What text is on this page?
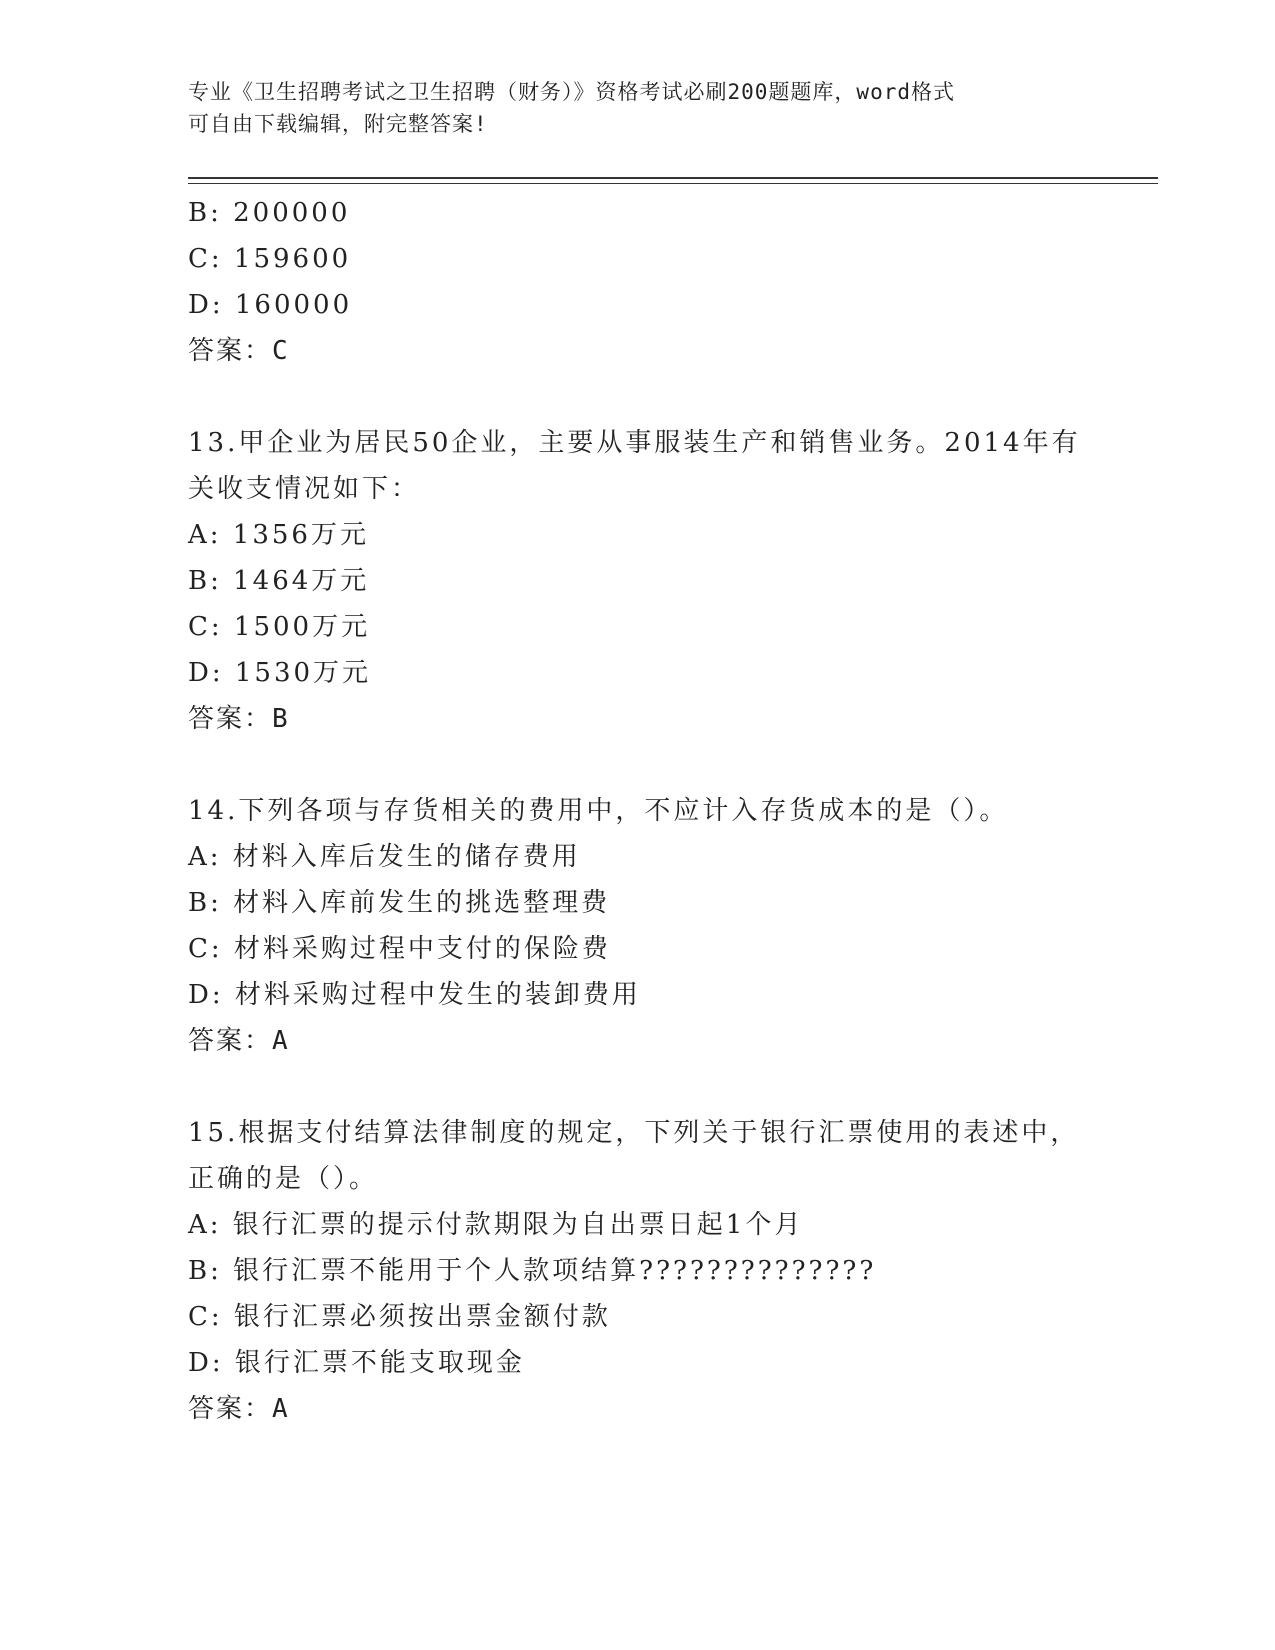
专业《卫生招聘考试之卫生招聘（财务）》资格考试必刷200题题库，word格式
可自由下载编辑，附完整答案!
B: 200000
C: 159600
D: 160000
答案：C
13.甲企业为居民50企业，主要从事服装生产和销售业务。2014年有
关收支情况如下：
A: 1356万元
B: 1464万元
C: 1500万元
D: 1530万元
答案：B
14.下列各项与存货相关的费用中，不应计入存货成本的是（）。
A: 材料入库后发生的储存费用
B: 材料入库前发生的挑选整理费
C: 材料采购过程中支付的保险费
D: 材料采购过程中发生的装卸费用
答案：A
15.根据支付结算法律制度的规定，下列关于银行汇票使用的表述中，
正确的是（）。
A: 银行汇票的提示付款期限为自出票日起1个月
B: 银行汇票不能用于个人款项结算??????????????
C: 银行汇票必须按出票金额付款
D: 银行汇票不能支取现金
答案：A
